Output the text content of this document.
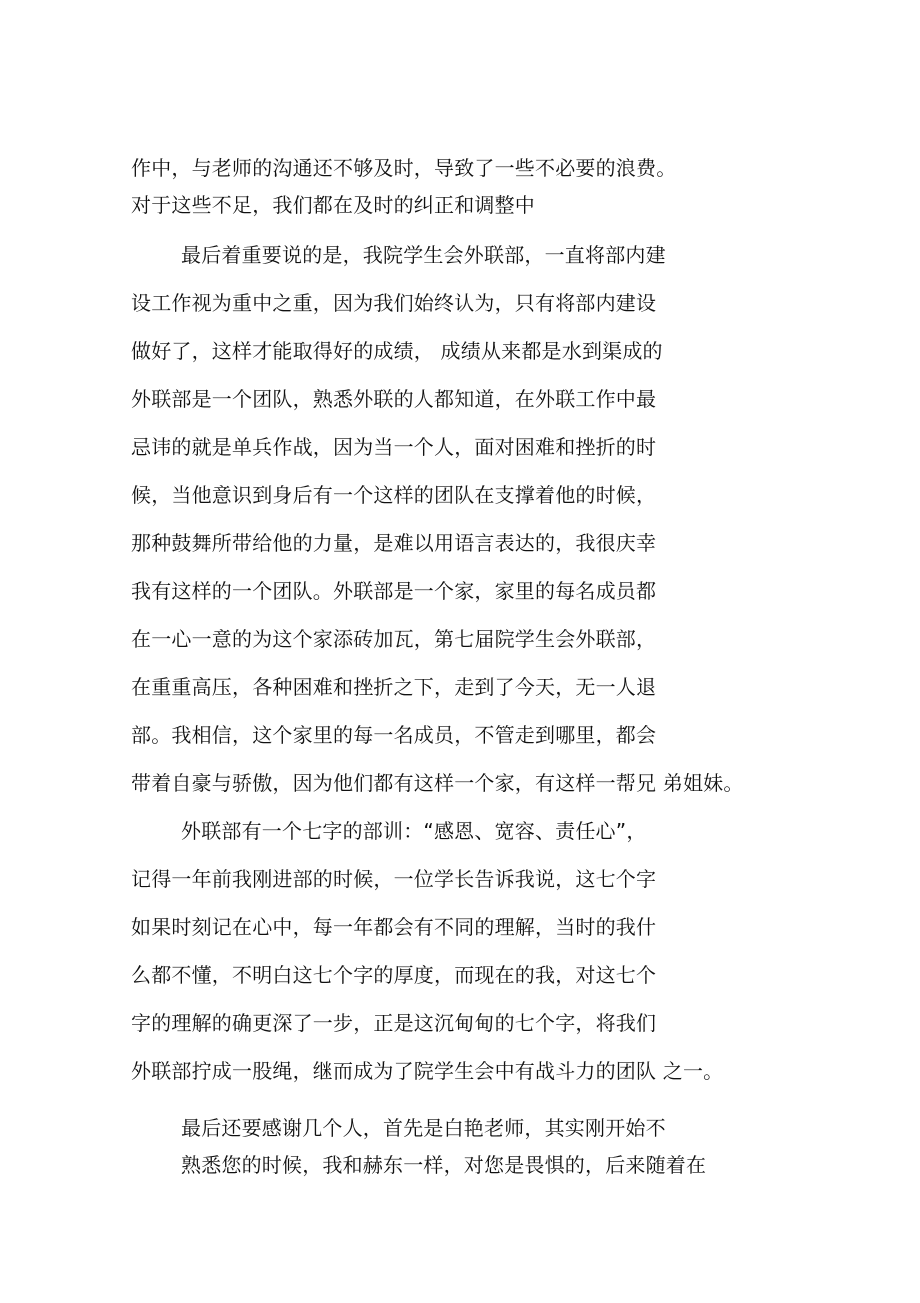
作中，与老师的沟通还不够及时，导致了一些不必要的浪费。
对于这些不足，我们都在及时的纠正和调整中
最后着重要说的是，我院学生会外联部，一直将部内建
设工作视为重中之重，因为我们始终认为，只有将部内建设
做好了，这样才能取得好的成绩， 成绩从来都是水到渠成的
外联部是一个团队，熟悉外联的人都知道，在外联工作中最
忌讳的就是单兵作战，因为当一个人，面对困难和挫折的时
候，当他意识到身后有一个这样的团队在支撑着他的时候，
那种鼓舞所带给他的力量，是难以用语言表达的，我很庆幸
我有这样的一个团队。外联部是一个家，家里的每名成员都
在一心一意的为这个家添砖加瓦，第七届院学生会外联部，
在重重高压，各种困难和挫折之下，走到了今天，无一人退
部。我相信，这个家里的每一名成员，不管走到哪里，都会
带着自豪与骄傲，因为他们都有这样一个家，有这样一帮兄 弟姐妹。
外联部有一个七字的部训：“感恩、宽容、责任心”，
记得一年前我刚进部的时候，一位学长告诉我说，这七个字
如果时刻记在心中，每一年都会有不同的理解，当时的我什
么都不懂，不明白这七个字的厚度，而现在的我，对这七个
字的理解的确更深了一步，正是这沉甸甸的七个字，将我们
外联部拧成一股绳，继而成为了院学生会中有战斗力的团队 之一。
最后还要感谢几个人，首先是白艳老师，其实刚开始不
熟悉您的时候，我和赫东一样，对您是畏惧的，后来随着在
